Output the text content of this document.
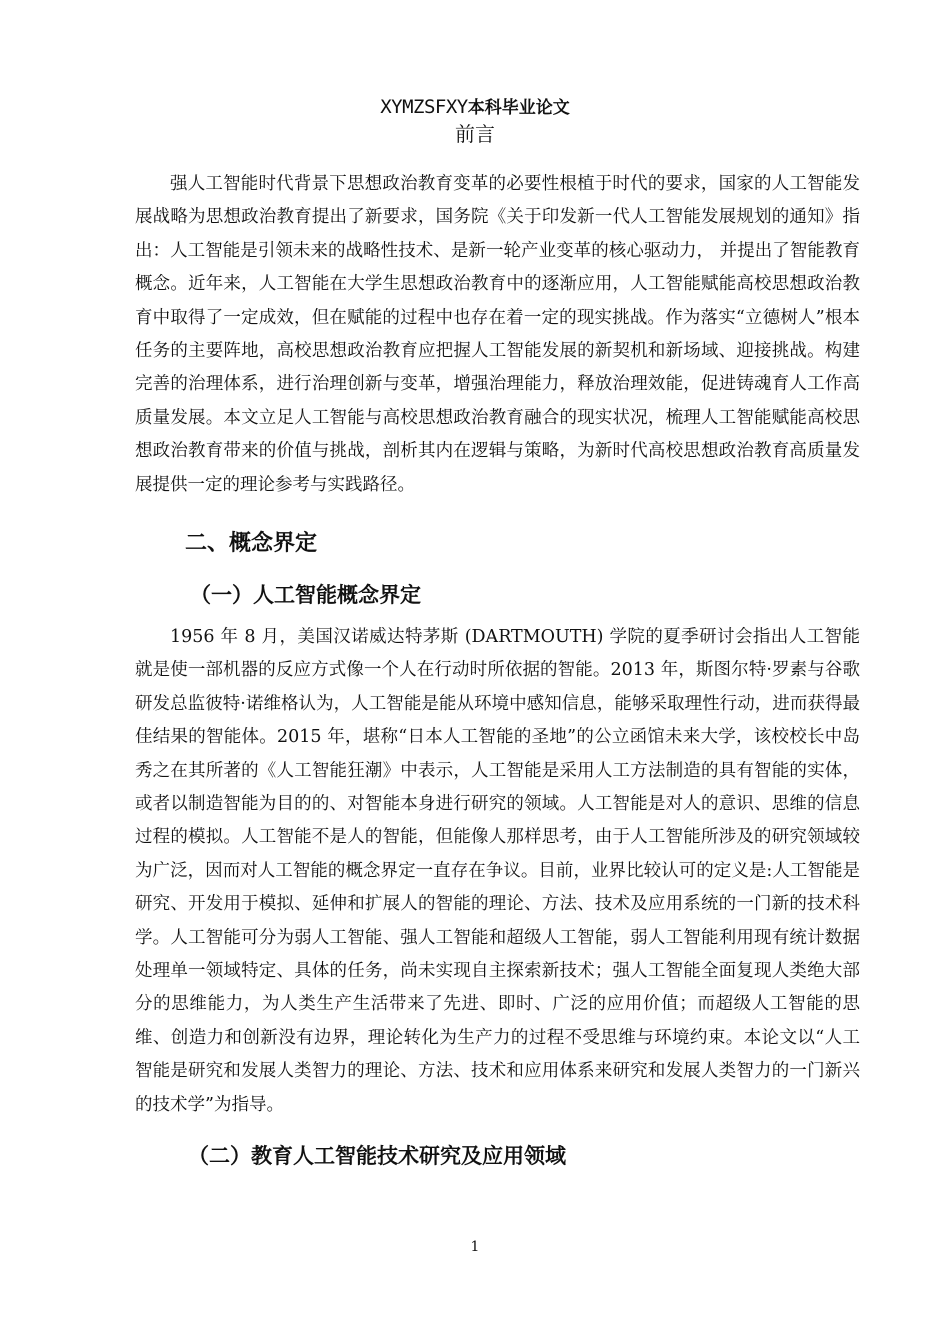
XYMZSFXY本科毕业论文
前言

强人工智能时代背景下思想政治教育变革的必要性根植于时代的要求，国家的人工智能发展战略为思想政治教育提出了新要求，国务院《关于印发新一代人工智能发展规划的通知》指出：人工智能是引领未来的战略性技术、是新一轮产业变革的核心驱动力， 并提出了智能教育概念。近年来，人工智能在大学生思想政治教育中的逐渐应用，人工智能赋能高校思想政治教育中取得了一定成效，但在赋能的过程中也存在着一定的现实挑战。作为落实“立德树人”根本任务的主要阵地，高校思想政治教育应把握人工智能发展的新契机和新场域、迎接挑战。构建完善的治理体系，进行治理创新与变革，增强治理能力，释放治理效能，促进铸魂育人工作高质量发展。本文立足人工智能与高校思想政治教育融合的现实状况，梳理人工智能赋能高校思想政治教育带来的价值与挑战，剖析其内在逻辑与策略，为新时代高校思想政治教育高质量发展提供一定的理论参考与实践路径。

二、概念界定
（一）人工智能概念界定

1956 年 8 月，美国汉诺威达特茅斯 (DARTMOUTH) 学院的夏季研讨会指出人工智能就是使一部机器的反应方式像一个人在行动时所依据的智能。2013 年，斯图尔特·罗素与谷歌研发总监彼特·诺维格认为，人工智能是能从环境中感知信息，能够采取理性行动，进而获得最佳结果的智能体。2015 年，堪称“日本人工智能的圣地”的公立函馆未来大学，该校校长中岛秀之在其所著的《人工智能狂潮》中表示，人工智能是采用人工方法制造的具有智能的实体，或者以制造智能为目的的、对智能本身进行研究的领域。人工智能是对人的意识、思维的信息过程的模拟。人工智能不是人的智能，但能像人那样思考，由于人工智能所涉及的研究领域较为广泛，因而对人工智能的概念界定一直存在争议。目前，业界比较认可的定义是:人工智能是研究、开发用于模拟、延伸和扩展人的智能的理论、方法、技术及应用系统的一门新的技术科学。人工智能可分为弱人工智能、强人工智能和超级人工智能，弱人工智能利用现有统计数据处理单一领域特定、具体的任务，尚未实现自主探索新技术；强人工智能全面复现人类绝大部分的思维能力，为人类生产生活带来了先进、即时、广泛的应用价值；而超级人工智能的思维、创造力和创新没有边界，理论转化为生产力的过程不受思维与环境约束。本论文以“人工智能是研究和发展人类智力的理论、方法、技术和应用体系来研究和发展人类智力的一门新兴的技术学”为指导。

（二）教育人工智能技术研究及应用领域
1
